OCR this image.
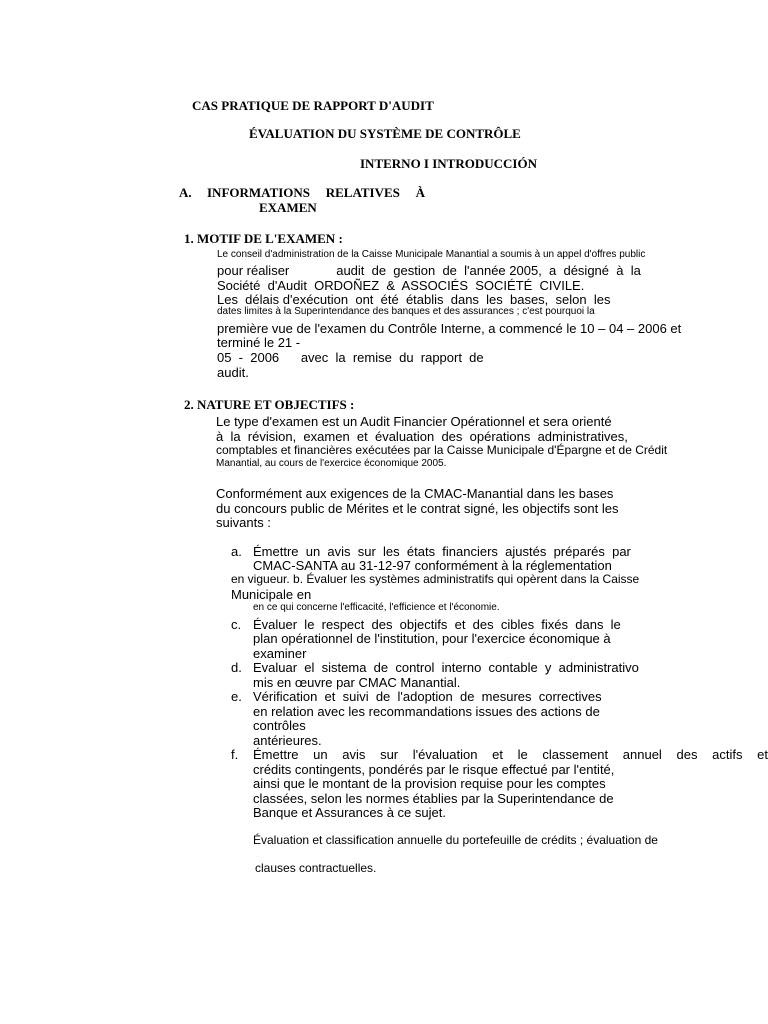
CAS PRATIQUE DE RAPPORT D'AUDIT
ÉVALUATION DU SYSTÈME DE CONTRÔLE
INTERNO I INTRODUCCIÓN
A. INFORMATIONS RELATIVES À
EXAMEN
1. MOTIF DE L'EXAMEN :
Le conseil d'administration de la Caisse Municipale Manantial a soumis à un appel d'offres public
pour réaliser             audit  de  gestion  de  l'année 2005,  a  désigné  à  la
Société  d'Audit  ORDOÑEZ  &  ASSOCIÉS  SOCIÉTÉ  CIVILE.
Les  délais d'exécution  ont  été  établis  dans  les  bases,  selon  les
dates limites à la Superintendance des banques et des assurances ; c'est pourquoi la
première vue de l'examen du Contrôle Interne, a commencé le 10 – 04 – 2006 et
terminé le 21 -
05  -  2006      avec  la  remise  du  rapport  de
audit.
2. NATURE ET OBJECTIFS :
Le type d'examen est un Audit Financier Opérationnel et sera orienté
à  la  révision,  examen  et  évaluation  des  opérations  administratives,
comptables et financières exécutées par la Caisse Municipale d'Épargne et de Crédit
Manantial, au cours de l'exercice économique 2005.
Conformément aux exigences de la CMAC-Manantial dans les bases
du concours public de Mérites et le contrat signé, les objectifs sont les
suivants :
a. Émettre  un  avis  sur  les  états  financiers  ajustés  préparés  par
CMAC-SANTA au 31-12-97 conformément à la réglementation
en vigueur. b. Évaluer les systèmes administratifs qui opèrent dans la Caisse
Municipale en
en ce qui concerne l'efficacité, l'efficience et l'économie.
c. Évaluer  le  respect  des  objectifs  et  des  cibles  fixés  dans  le
plan opérationnel de l'institution, pour l'exercice économique à
examiner
d. Evaluar  el  sistema  de  control  interno  contable  y  administrativo
mis en œuvre par CMAC Manantial.
e. Vérification  et  suivi  de  l'adoption  de  mesures  correctives
en relation avec les recommandations issues des actions de
contrôles
antérieures.
f. Émettre un avis sur l'évaluation et le classement annuel des actifs et
crédits contingents, pondérés par le risque effectué par l'entité,
ainsi que le montant de la provision requise pour les comptes
classées, selon les normes établies par la Superintendance de
Banque et Assurances à ce sujet.
Évaluation et classification annuelle du portefeuille de crédits ; évaluation de
clauses contractuelles.
